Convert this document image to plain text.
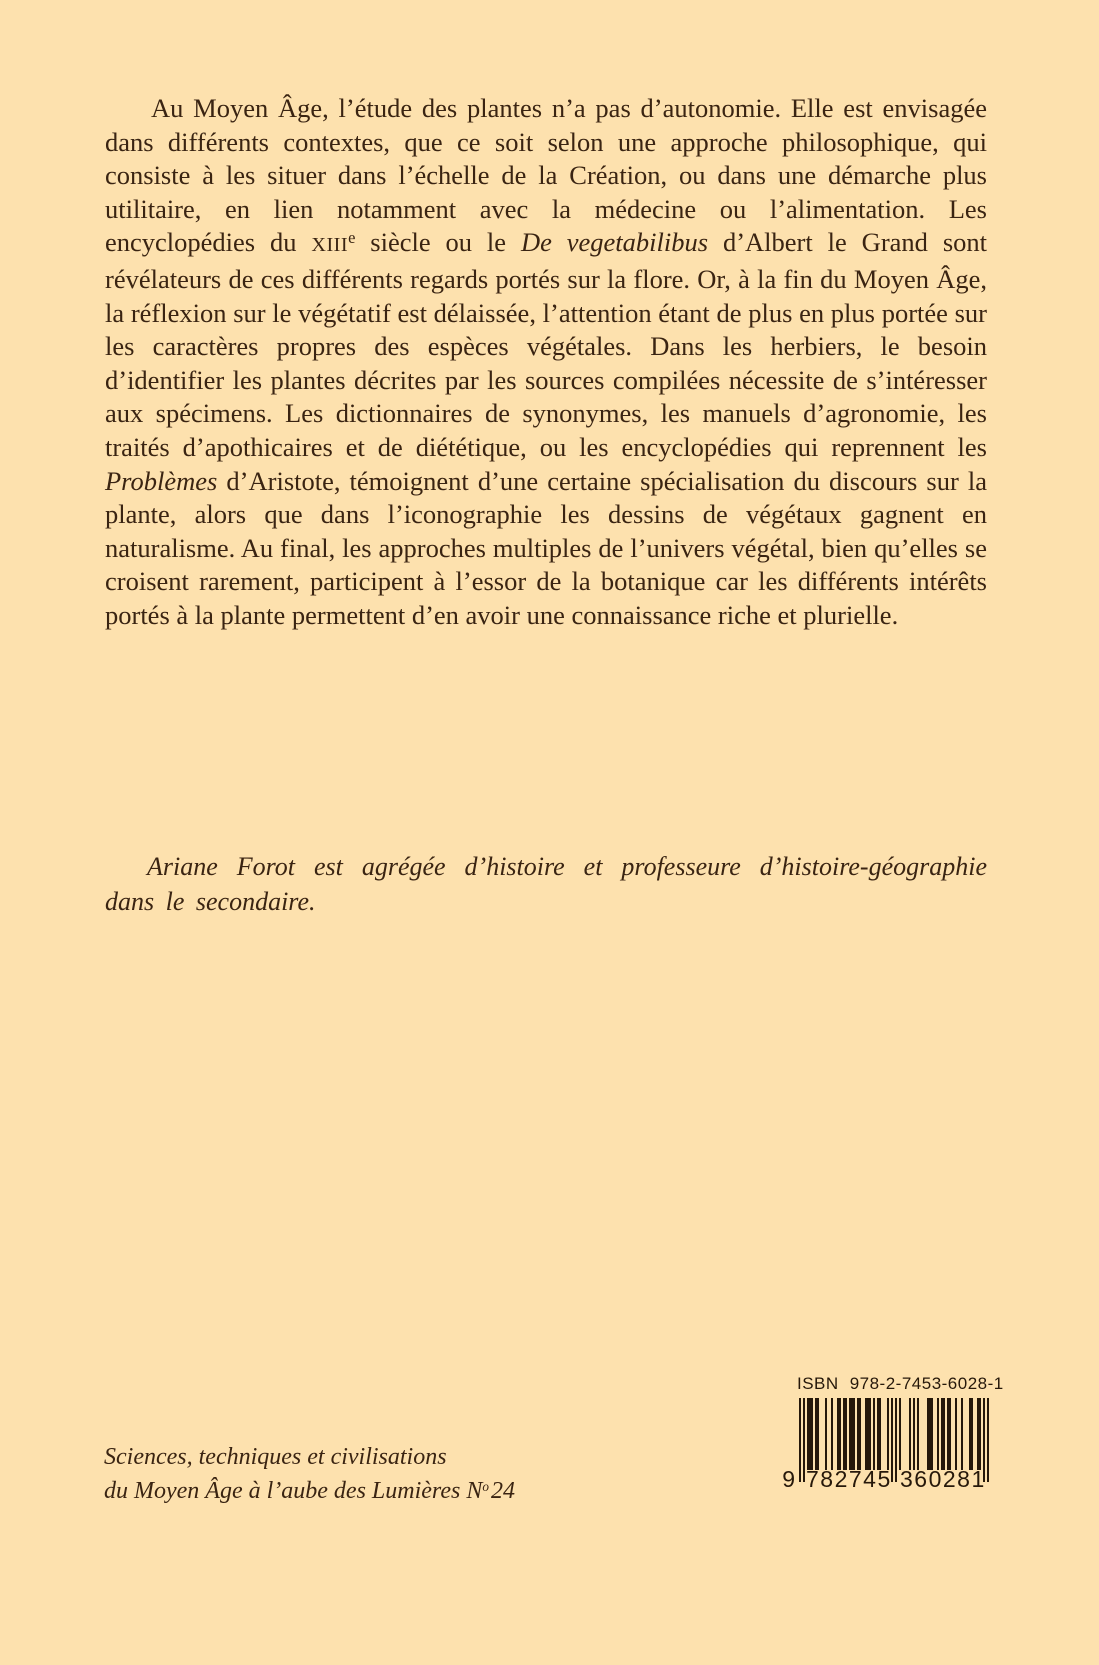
Au Moyen Âge, l’étude des plantes n’a pas d’autonomie. Elle est envisagée dans différents contextes, que ce soit selon une approche philosophique, qui consiste à les situer dans l’échelle de la Création, ou dans une démarche plus utilitaire, en lien notamment avec la médecine ou l’alimentation. Les encyclopédies du XIIIe siècle ou le De vegetabilibus d’Albert le Grand sont révélateurs de ces différents regards portés sur la flore. Or, à la fin du Moyen Âge, la réflexion sur le végétatif est délaissée, l’attention étant de plus en plus portée sur les caractères propres des espèces végétales. Dans les herbiers, le besoin d’identifier les plantes décrites par les sources compilées nécessite de s’intéresser aux spécimens. Les dictionnaires de synonymes, les manuels d’agronomie, les traités d’apothicaires et de diététique, ou les encyclopédies qui reprennent les Problèmes d’Aristote, témoignent d’une certaine spécialisation du discours sur la plante, alors que dans l’iconographie les dessins de végétaux gagnent en naturalisme. Au final, les approches multiples de l’univers végétal, bien qu’elles se croisent rarement, participent à l’essor de la botanique car les différents intérêts portés à la plante permettent d’en avoir une connaissance riche et plurielle.

Ariane Forot est agrégée d’histoire et professeure d’histoire-géographie dans le secondaire.

Sciences, techniques et civilisations
du Moyen Âge à l’aube des Lumières $N^o24$
ISBN 978-2-7453-6028-1
9 782745 360281
